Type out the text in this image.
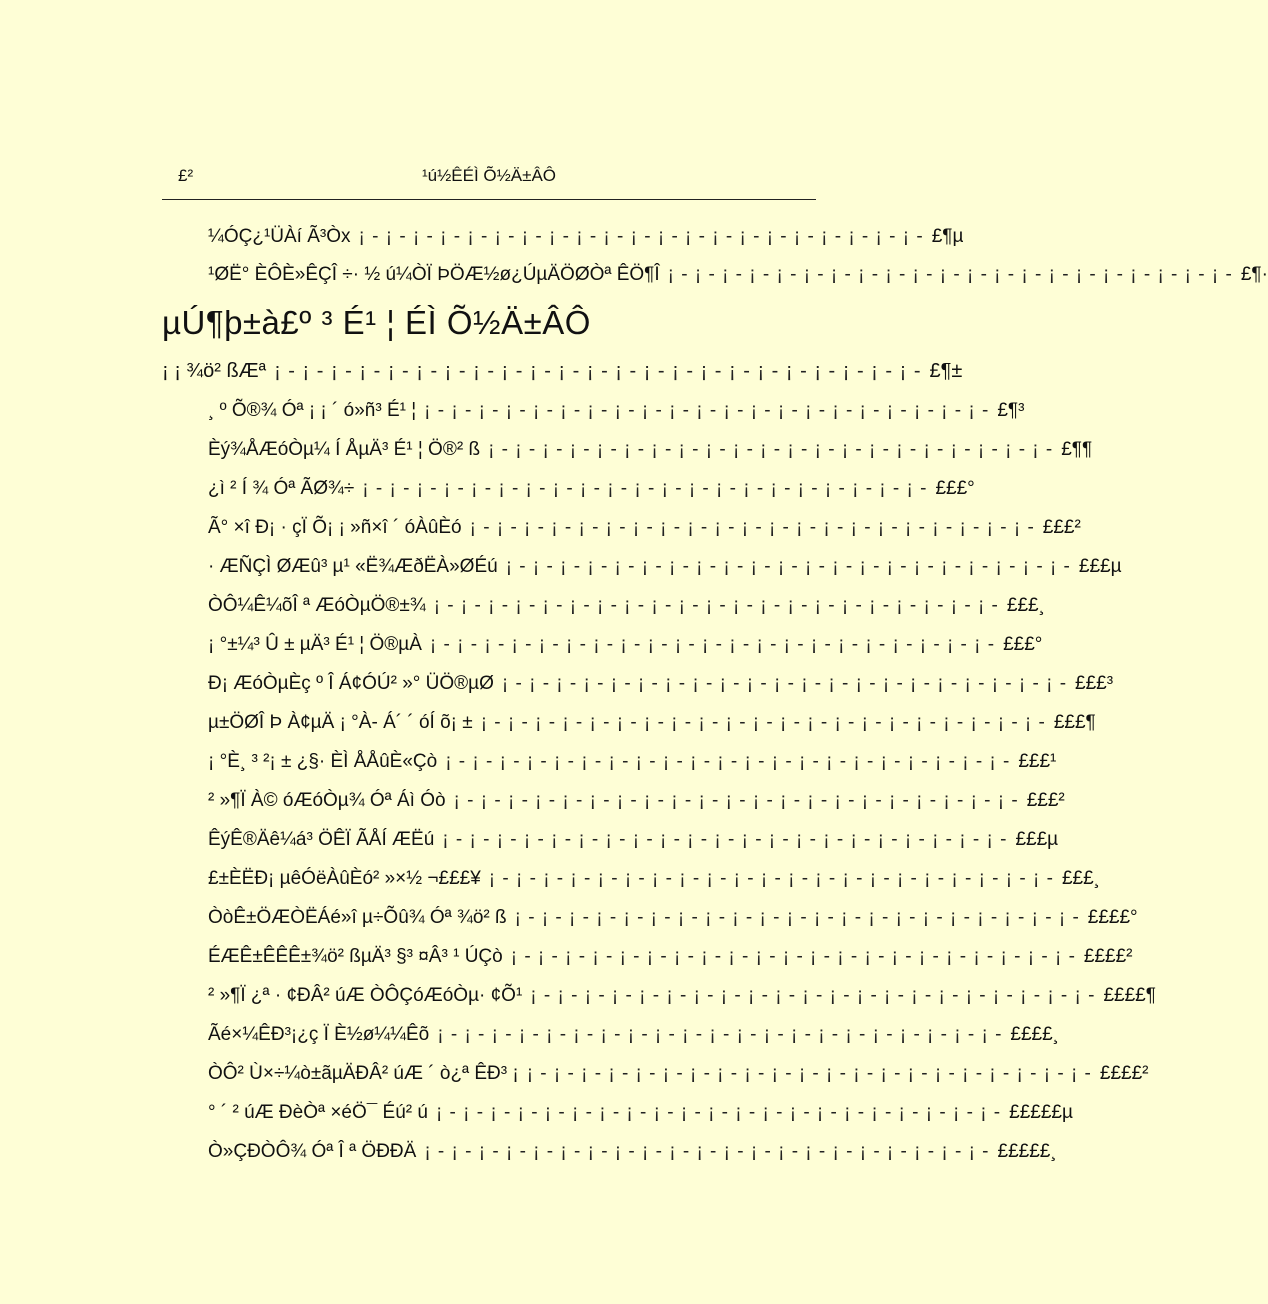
£²	¹ú½ÊÉÌ Õ½Ä±ÂÔ
¼ÓÇ¿¹ÜÀí Ã³Òx ¡ - ¡ - ¡ - ¡ - ¡ - ¡ - ¡ - ¡ - ¡ - ¡ - ¡ - ¡ - ¡ - ¡ - ¡ - ¡ - ¡ - ¡ - ¡ - ¡ - ¡ - £¶µ
¹ØË° ÈÔÈ»ÊÇÎ ÷· ½ ú¼ÒÏ ÞÖÆ½ø¿ÚµÄÖØÒª ÊÖ¶Î ¡ - ¡ - ¡ - ¡ - ¡ - ¡ - ¡ - ¡ - ¡ - ¡ - ¡ - ¡ - ¡ - ¡ - ¡ - ¡ - ¡ - ¡ - ¡ - ¡ - ¡ - £¶·
µÚ¶þ±à£º ³ É¹ ¦ ÉÌ Õ½Ä±ÂÔ
¡ ¡ ¾ö² ßÆª ¡ - ¡ - ¡ - ¡ - ¡ - ¡ - ¡ - ¡ - ¡ - ¡ - ¡ - ¡ - ¡ - ¡ - ¡ - ¡ - ¡ - ¡ - ¡ - ¡ - ¡ - ¡ - ¡ - £¶±
¸ º Õ®¾ Óª ¡ ¡ ´ ó»ñ³ É¹ ¦ ¡ - ¡ - ¡ - ¡ - ¡ - ¡ - ¡ - ¡ - ¡ - ¡ - ¡ - ¡ - ¡ - ¡ - ¡ - ¡ - ¡ - ¡ - ¡ - ¡ - ¡ - £¶³
Èý¾ÅÆóÒµ¼ Í ÅµÄ³ É¹ ¦ Ö®² ß ¡ - ¡ - ¡ - ¡ - ¡ - ¡ - ¡ - ¡ - ¡ - ¡ - ¡ - ¡ - ¡ - ¡ - ¡ - ¡ - ¡ - ¡ - ¡ - ¡ - ¡ - £¶¶
¿ì ² Í ¾ Óª ÃØ¾÷ ¡ - ¡ - ¡ - ¡ - ¡ - ¡ - ¡ - ¡ - ¡ - ¡ - ¡ - ¡ - ¡ - ¡ - ¡ - ¡ - ¡ - ¡ - ¡ - ¡ - ¡ - £££°
Ã° ×î Ð¡ · çÏ Õ¡ ¡ »ñ×î ´ óÀûÈó ¡ - ¡ - ¡ - ¡ - ¡ - ¡ - ¡ - ¡ - ¡ - ¡ - ¡ - ¡ - ¡ - ¡ - ¡ - ¡ - ¡ - ¡ - ¡ - ¡ - ¡ - £££²
· ÆÑÇÌ ØÆû³ µ¹ «Ë¾ÆðËÀ»ØÉú ¡ - ¡ - ¡ - ¡ - ¡ - ¡ - ¡ - ¡ - ¡ - ¡ - ¡ - ¡ - ¡ - ¡ - ¡ - ¡ - ¡ - ¡ - ¡ - ¡ - ¡ - £££µ
ÒÔ¼Ê¼õÎ ª ÆóÒµÖ®±¾ ¡ - ¡ - ¡ - ¡ - ¡ - ¡ - ¡ - ¡ - ¡ - ¡ - ¡ - ¡ - ¡ - ¡ - ¡ - ¡ - ¡ - ¡ - ¡ - ¡ - ¡ - £££¸
¡ °±¼³ Û ± µÄ³ É¹ ¦ Ö®µÀ ¡ - ¡ - ¡ - ¡ - ¡ - ¡ - ¡ - ¡ - ¡ - ¡ - ¡ - ¡ - ¡ - ¡ - ¡ - ¡ - ¡ - ¡ - ¡ - ¡ - ¡ - £££°
Ð¡ ÆóÒµÈç º Î Á¢ÓÚ² »° ÜÖ®µØ ¡ - ¡ - ¡ - ¡ - ¡ - ¡ - ¡ - ¡ - ¡ - ¡ - ¡ - ¡ - ¡ - ¡ - ¡ - ¡ - ¡ - ¡ - ¡ - ¡ - ¡ - £££³
µ±ÖØÎ Þ À¢µÄ ¡ °À- Á´ ´ óÍ õ¡ ± ¡ - ¡ - ¡ - ¡ - ¡ - ¡ - ¡ - ¡ - ¡ - ¡ - ¡ - ¡ - ¡ - ¡ - ¡ - ¡ - ¡ - ¡ - ¡ - ¡ - ¡ - £££¶
¡ °È¸ ³ ²¡ ± ¿§· ÈÌ ÅÅûÈ«Çò ¡ - ¡ - ¡ - ¡ - ¡ - ¡ - ¡ - ¡ - ¡ - ¡ - ¡ - ¡ - ¡ - ¡ - ¡ - ¡ - ¡ - ¡ - ¡ - ¡ - ¡ - £££¹
² »¶Ï À© óÆóÒµ¾ Óª Áì Óò ¡ - ¡ - ¡ - ¡ - ¡ - ¡ - ¡ - ¡ - ¡ - ¡ - ¡ - ¡ - ¡ - ¡ - ¡ - ¡ - ¡ - ¡ - ¡ - ¡ - ¡ - £££²
ÊýÊ®Äê¼á³ ÖÊÏ ÃÅÍ ÆËú ¡ - ¡ - ¡ - ¡ - ¡ - ¡ - ¡ - ¡ - ¡ - ¡ - ¡ - ¡ - ¡ - ¡ - ¡ - ¡ - ¡ - ¡ - ¡ - ¡ - ¡ - £££µ
£±ÈËÐ¡ µêÓëÀûÈó² »×½ ¬£££¥ ¡ - ¡ - ¡ - ¡ - ¡ - ¡ - ¡ - ¡ - ¡ - ¡ - ¡ - ¡ - ¡ - ¡ - ¡ - ¡ - ¡ - ¡ - ¡ - ¡ - ¡ - £££¸
ÒòÊ±ÖÆÒËÁé»î µ÷Õû¾ Óª ¾ö² ß ¡ - ¡ - ¡ - ¡ - ¡ - ¡ - ¡ - ¡ - ¡ - ¡ - ¡ - ¡ - ¡ - ¡ - ¡ - ¡ - ¡ - ¡ - ¡ - ¡ - ¡ - ££££°
ÉÆÊ±ÊÊÊ±¾ö² ßµÄ³ §³ ¤Â³ ¹ ÚÇò ¡ - ¡ - ¡ - ¡ - ¡ - ¡ - ¡ - ¡ - ¡ - ¡ - ¡ - ¡ - ¡ - ¡ - ¡ - ¡ - ¡ - ¡ - ¡ - ¡ - ¡ - ££££²
² »¶Ï ¿ª · ¢ÐÂ² úÆ ÒÔÇóÆóÒµ· ¢Õ¹ ¡ - ¡ - ¡ - ¡ - ¡ - ¡ - ¡ - ¡ - ¡ - ¡ - ¡ - ¡ - ¡ - ¡ - ¡ - ¡ - ¡ - ¡ - ¡ - ¡ - ¡ - ££££¶
Ãé×¼ÊÐ³¡¿ç Ï È½ø¼¼Êõ ¡ - ¡ - ¡ - ¡ - ¡ - ¡ - ¡ - ¡ - ¡ - ¡ - ¡ - ¡ - ¡ - ¡ - ¡ - ¡ - ¡ - ¡ - ¡ - ¡ - ¡ - ££££¸
ÒÔ² Ù×÷¼ò±ãµÄÐÂ² úÆ ´ ò¿ª ÊÐ³ ¡ ¡ - ¡ - ¡ - ¡ - ¡ - ¡ - ¡ - ¡ - ¡ - ¡ - ¡ - ¡ - ¡ - ¡ - ¡ - ¡ - ¡ - ¡ - ¡ - ¡ - ¡ - ££££²
° ´ ² úÆ ÐèÒª ×éÖ¯ Éú² ú ¡ - ¡ - ¡ - ¡ - ¡ - ¡ - ¡ - ¡ - ¡ - ¡ - ¡ - ¡ - ¡ - ¡ - ¡ - ¡ - ¡ - ¡ - ¡ - ¡ - ¡ - £££££µ
Ò»ÇÐÒÔ¾ Óª Î ª ÖÐÐÄ ¡ - ¡ - ¡ - ¡ - ¡ - ¡ - ¡ - ¡ - ¡ - ¡ - ¡ - ¡ - ¡ - ¡ - ¡ - ¡ - ¡ - ¡ - ¡ - ¡ - ¡ - £££££¸
